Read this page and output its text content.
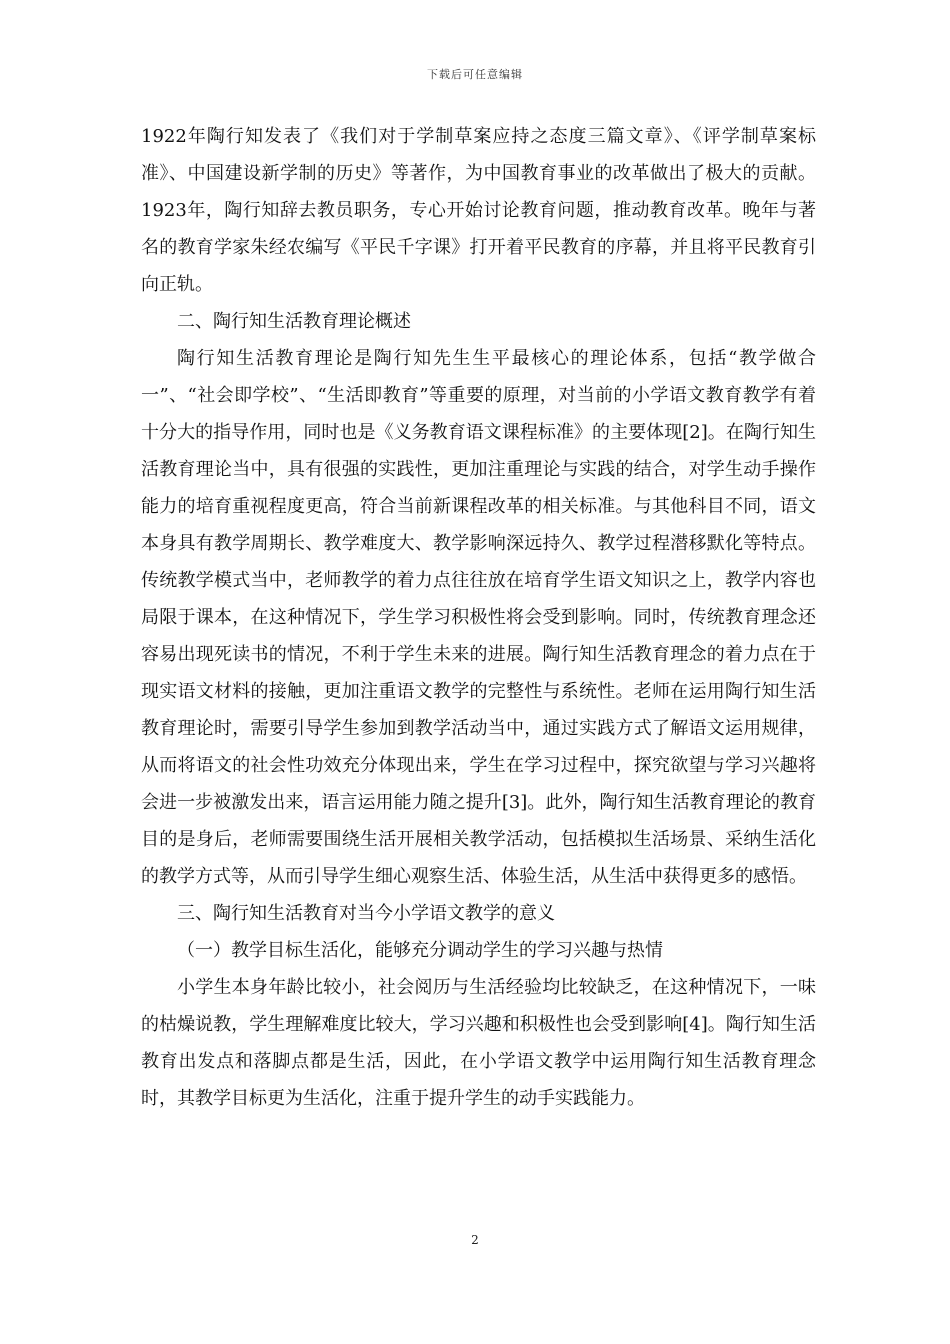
下载后可任意编辑

1922年陶行知发表了《我们对于学制草案应持之态度三篇文章》、《评学制草案标准》、中国建设新学制的历史》等著作，为中国教育事业的改革做出了极大的贡献。1923年，陶行知辞去教员职务，专心开始讨论教育问题，推动教育改革。晚年与著名的教育学家朱经农编写《平民千字课》打开着平民教育的序幕，并且将平民教育引向正轨。

二、陶行知生活教育理论概述

陶行知生活教育理论是陶行知先生生平最核心的理论体系，包括“教学做合一”、“社会即学校”、“生活即教育”等重要的原理，对当前的小学语文教育教学有着十分大的指导作用，同时也是《义务教育语文课程标准》的主要体现[2]。在陶行知生活教育理论当中，具有很强的实践性，更加注重理论与实践的结合，对学生动手操作能力的培育重视程度更高，符合当前新课程改革的相关标准。与其他科目不同，语文本身具有教学周期长、教学难度大、教学影响深远持久、教学过程潜移默化等特点。传统教学模式当中，老师教学的着力点往往放在培育学生语文知识之上，教学内容也局限于课本，在这种情况下，学生学习积极性将会受到影响。同时，传统教育理念还容易出现死读书的情况，不利于学生未来的进展。陶行知生活教育理念的着力点在于现实语文材料的接触，更加注重语文教学的完整性与系统性。老师在运用陶行知生活教育理论时，需要引导学生参加到教学活动当中，通过实践方式了解语文运用规律，从而将语文的社会性功效充分体现出来，学生在学习过程中，探究欲望与学习兴趣将会进一步被激发出来，语言运用能力随之提升[3]。此外，陶行知生活教育理论的教育目的是身后，老师需要围绕生活开展相关教学活动，包括模拟生活场景、采纳生活化的教学方式等，从而引导学生细心观察生活、体验生活，从生活中获得更多的感悟。

三、陶行知生活教育对当今小学语文教学的意义

（一）教学目标生活化，能够充分调动学生的学习兴趣与热情

小学生本身年龄比较小，社会阅历与生活经验均比较缺乏，在这种情况下，一味的枯燥说教，学生理解难度比较大，学习兴趣和积极性也会受到影响[4]。陶行知生活教育出发点和落脚点都是生活，因此，在小学语文教学中运用陶行知生活教育理念时，其教学目标更为生活化，注重于提升学生的动手实践能力。

2
